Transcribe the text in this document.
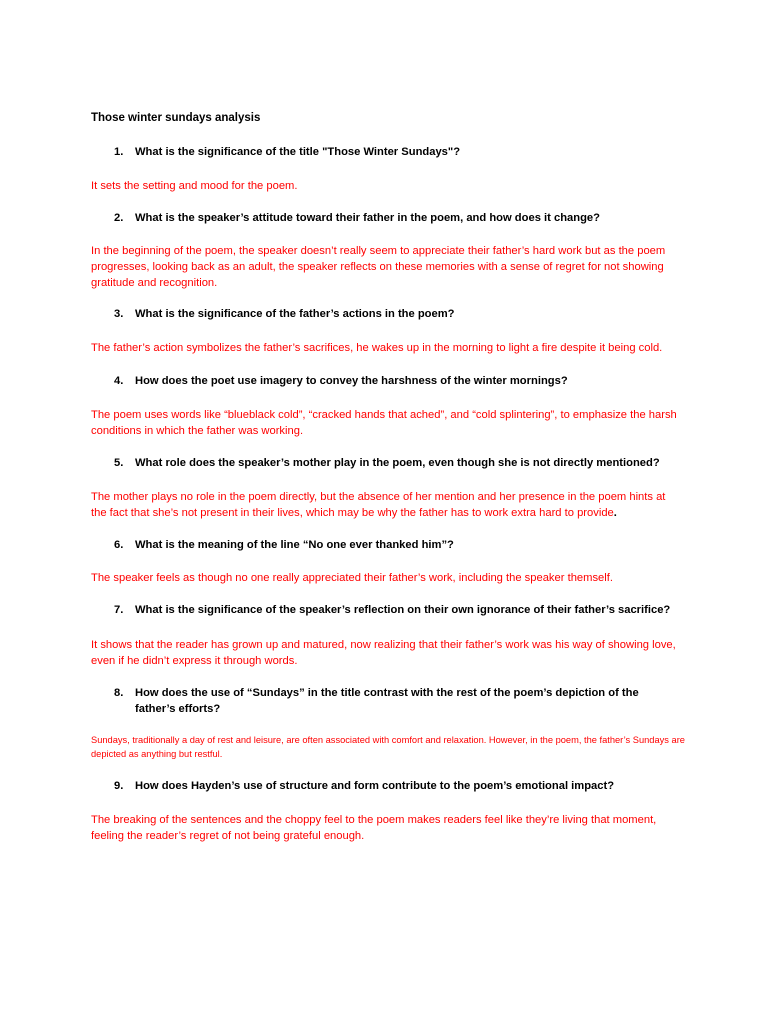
Those winter sundays analysis
1. What is the significance of the title "Those Winter Sundays"?
It sets the setting and mood for the poem.
2. What is the speaker’s attitude toward their father in the poem, and how does it change?
In the beginning of the poem, the speaker doesn’t really seem to appreciate their father’s hard work but as the poem progresses, looking back as an adult, the speaker reflects on these memories with a sense of regret for not showing gratitude and recognition.
3. What is the significance of the father’s actions in the poem?
The father’s action symbolizes the father’s sacrifices, he wakes up in the morning to light a fire despite it being cold.
4. How does the poet use imagery to convey the harshness of the winter mornings?
The poem uses words like “blueblack cold”, “cracked hands that ached”, and “cold splintering”, to emphasize the harsh conditions in which the father was working.
5. What role does the speaker’s mother play in the poem, even though she is not directly mentioned?
The mother plays no role in the poem directly, but the absence of her mention and her presence in the poem hints at the fact that she’s not present in their lives, which may be why the father has to work extra hard to provide.
6. What is the meaning of the line “No one ever thanked him”?
The speaker feels as though no one really appreciated their father’s work, including the speaker themself.
7. What is the significance of the speaker’s reflection on their own ignorance of their father’s sacrifice?
It shows that the reader has grown up and matured, now realizing that their father’s work was his way of showing love, even if he didn’t express it through words.
8. How does the use of “Sundays” in the title contrast with the rest of the poem’s depiction of the father’s efforts?
Sundays, traditionally a day of rest and leisure, are often associated with comfort and relaxation. However, in the poem, the father’s Sundays are depicted as anything but restful.
9. How does Hayden’s use of structure and form contribute to the poem’s emotional impact?
The breaking of the sentences and the choppy feel to the poem makes readers feel like they’re living that moment, feeling the reader’s regret of not being grateful enough.
